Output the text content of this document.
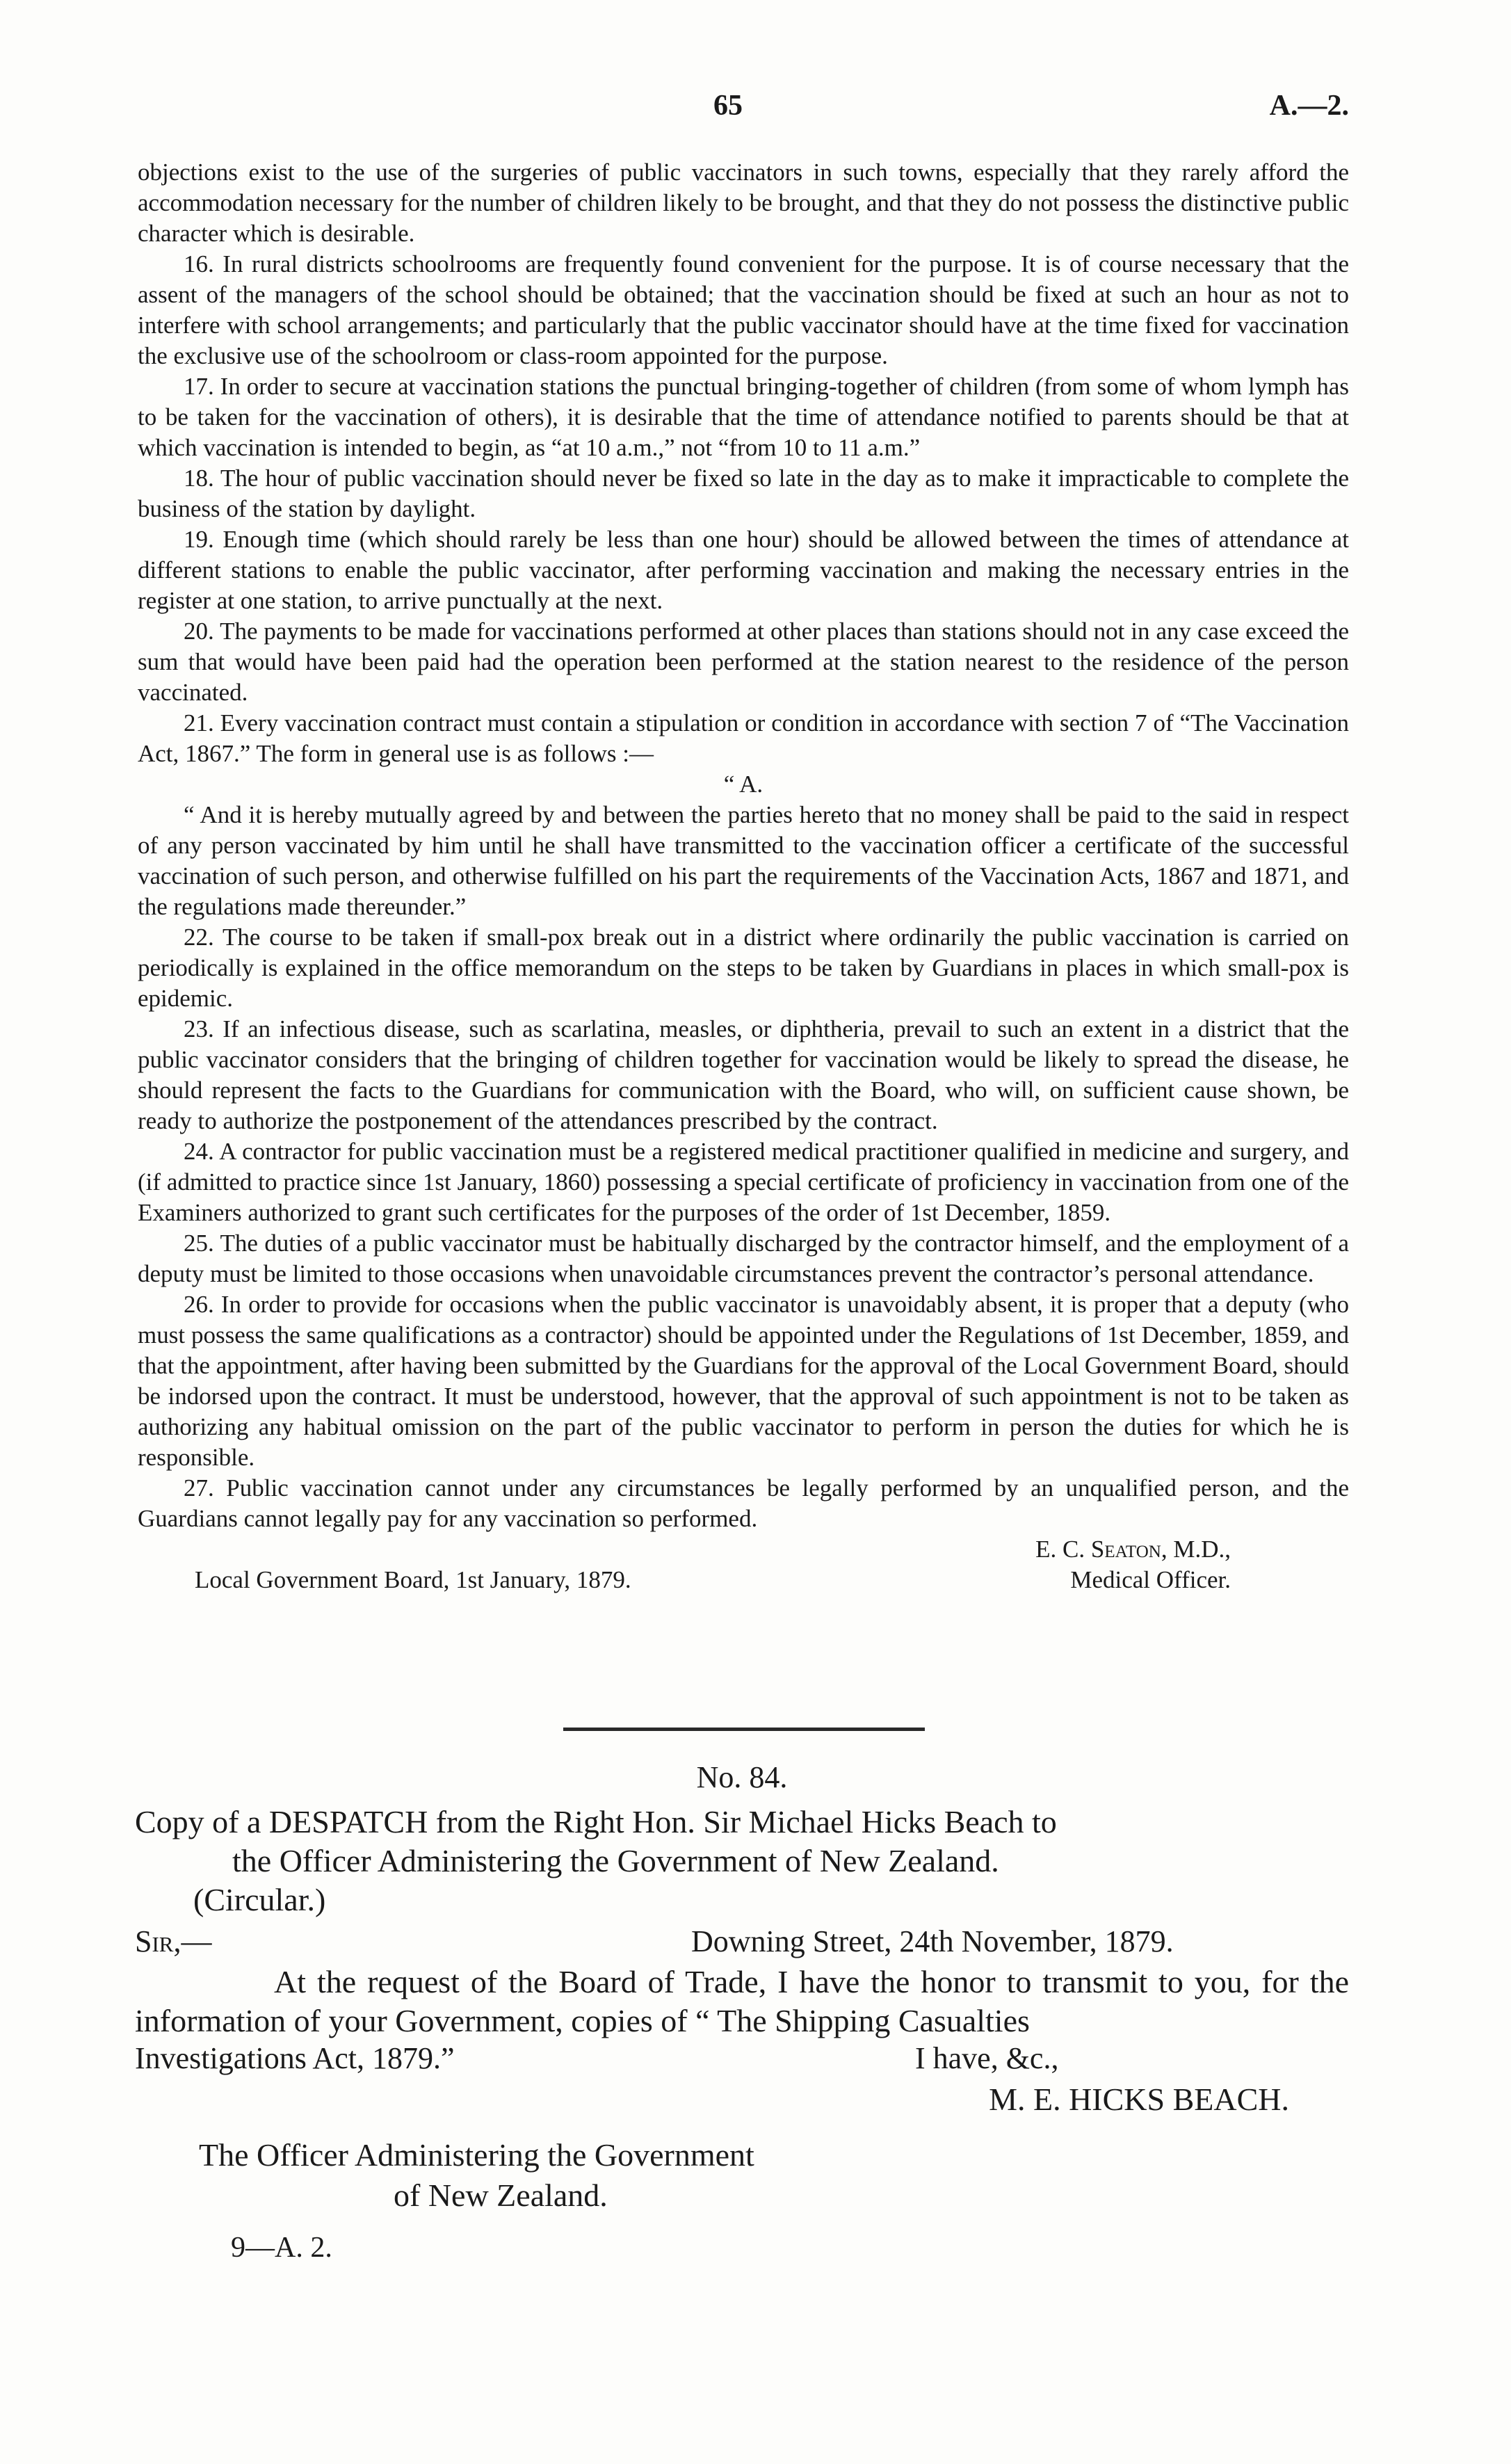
65	A.—2.

objections exist to the use of the surgeries of public vaccinators in such towns, especially that they rarely afford the accommodation necessary for the number of children likely to be brought, and that they do not possess the distinctive public character which is desirable.

16. In rural districts schoolrooms are frequently found convenient for the purpose. It is of course necessary that the assent of the managers of the school should be obtained; that the vaccination should be fixed at such an hour as not to interfere with school arrangements; and particularly that the public vaccinator should have at the time fixed for vaccination the exclusive use of the schoolroom or class-room appointed for the purpose.

17. In order to secure at vaccination stations the punctual bringing-together of children (from some of whom lymph has to be taken for the vaccination of others), it is desirable that the time of attendance notified to parents should be that at which vaccination is intended to begin, as “at 10 a.m.,” not “from 10 to 11 a.m.”

18. The hour of public vaccination should never be fixed so late in the day as to make it impracticable to complete the business of the station by daylight.

19. Enough time (which should rarely be less than one hour) should be allowed between the times of attendance at different stations to enable the public vaccinator, after performing vaccination and making the necessary entries in the register at one station, to arrive punctually at the next.

20. The payments to be made for vaccinations performed at other places than stations should not in any case exceed the sum that would have been paid had the operation been performed at the station nearest to the residence of the person vaccinated.

21. Every vaccination contract must contain a stipulation or condition in accordance with section 7 of “The Vaccination Act, 1867.” The form in general use is as follows :—

“ A.

“ And it is hereby mutually agreed by and between the parties hereto that no money shall be paid to the said in respect of any person vaccinated by him until he shall have transmitted to the vaccination officer a certificate of the successful vaccination of such person, and otherwise fulfilled on his part the requirements of the Vaccination Acts, 1867 and 1871, and the regulations made thereunder.”

22. The course to be taken if small-pox break out in a district where ordinarily the public vaccination is carried on periodically is explained in the office memorandum on the steps to be taken by Guardians in places in which small-pox is epidemic.

23. If an infectious disease, such as scarlatina, measles, or diphtheria, prevail to such an extent in a district that the public vaccinator considers that the bringing of children together for vaccination would be likely to spread the disease, he should represent the facts to the Guardians for communication with the Board, who will, on sufficient cause shown, be ready to authorize the postponement of the attendances prescribed by the contract.

24. A contractor for public vaccination must be a registered medical practitioner qualified in medicine and surgery, and (if admitted to practice since 1st January, 1860) possessing a special certificate of proficiency in vaccination from one of the Examiners authorized to grant such certificates for the purposes of the order of 1st December, 1859.

25. The duties of a public vaccinator must be habitually discharged by the contractor himself, and the employment of a deputy must be limited to those occasions when unavoidable circumstances prevent the contractor’s personal attendance.

26. In order to provide for occasions when the public vaccinator is unavoidably absent, it is proper that a deputy (who must possess the same qualifications as a contractor) should be appointed under the Regulations of 1st December, 1859, and that the appointment, after having been submitted by the Guardians for the approval of the Local Government Board, should be indorsed upon the contract. It must be understood, however, that the approval of such appointment is not to be taken as authorizing any habitual omission on the part of the public vaccinator to perform in person the duties for which he is responsible.

27. Public vaccination cannot under any circumstances be legally performed by an unqualified person, and the Guardians cannot legally pay for any vaccination so performed.

E. C. Seaton, M.D.,
Local Government Board, 1st January, 1879.	Medical Officer.

No. 84.

Copy of a DESPATCH from the Right Hon. Sir Michael Hicks Beach to
the Officer Administering the Government of New Zealand.
(Circular.)

Sir,—	Downing Street, 24th November, 1879.

At the request of the Board of Trade, I have the honor to transmit to you, for the information of your Government, copies of “ The Shipping Casualties

Investigations Act, 1879.”	I have, &c.,

M. E. HICKS BEACH.

The Officer Administering the Government
of New Zealand.

9—A. 2.
